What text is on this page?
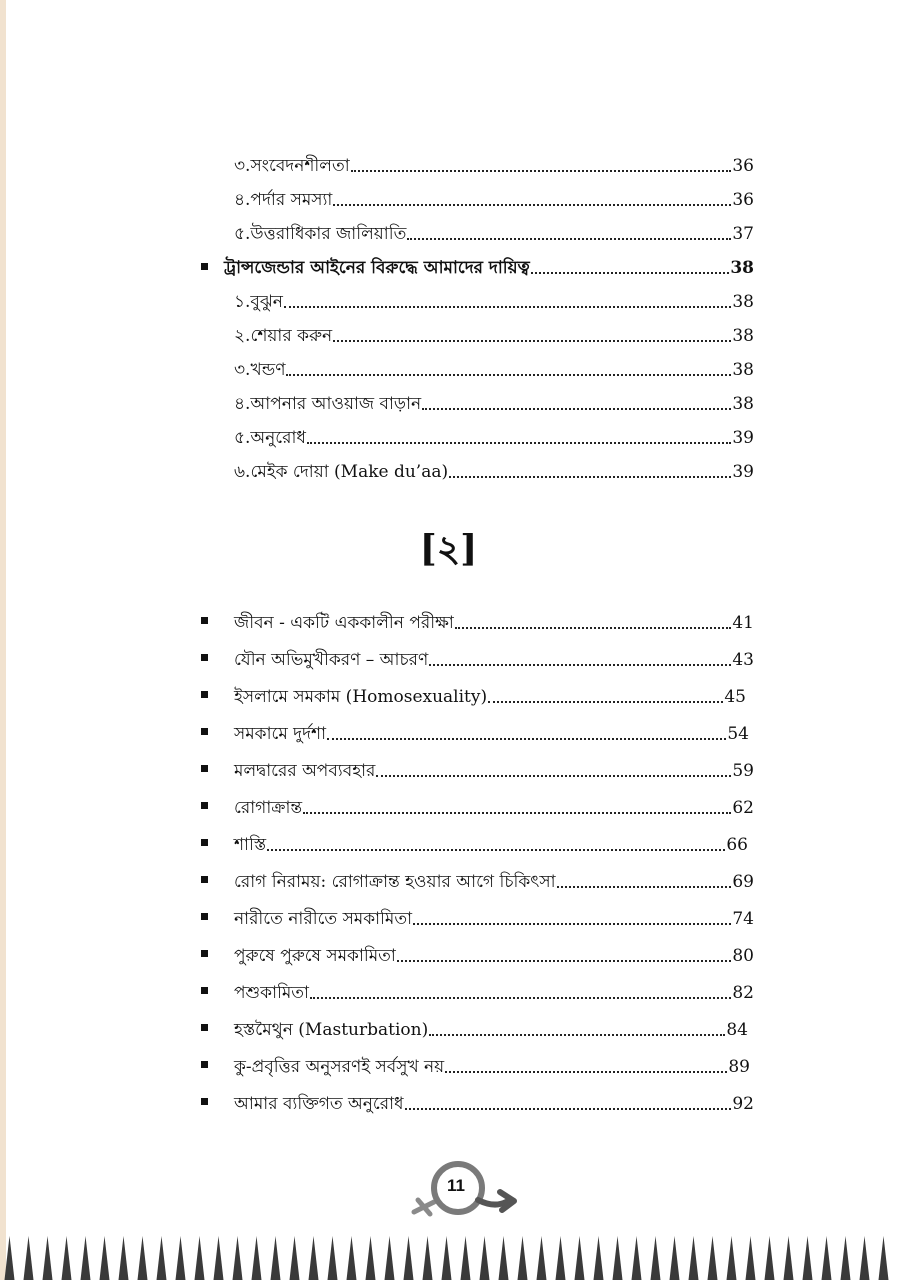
৩.সংবেদনশীলতা	36
৪.পর্দার সমস্যা	36
৫.উত্তরাধিকার জালিয়াতি	37
ট্রান্সজেন্ডার আইনের বিরুদ্ধে আমাদের দায়িত্ব	38
১.বুঝুন	38
২.শেয়ার করুন	38
৩.খন্ডণ	38
৪.আপনার আওয়াজ বাড়ান	38
৫.অনুরোধ	39
৬.মেইক দোয়া (Make du’aa)	39
[২]
জীবন - একটি এককালীন পরীক্ষা	41
যৌন অভিমুখীকরণ – আচরণ	43
ইসলামে সমকাম (Homosexuality)	45
সমকামে দুর্দশা	54
মলদ্বারের অপব্যবহার	59
রোগাক্রান্ত	62
শাস্তি	66
রোগ নিরাময়: রোগাক্রান্ত হওয়ার আগে চিকিৎসা	69
নারীতে নারীতে সমকামিতা	74
পুরুষে পুরুষে সমকামিতা	80
পশুকামিতা	82
হস্তমৈথুন (Masturbation)	84
কু-প্রবৃত্তির অনুসরণই সর্বসুখ নয়	89
আমার ব্যক্তিগত অনুরোধ	92
11
